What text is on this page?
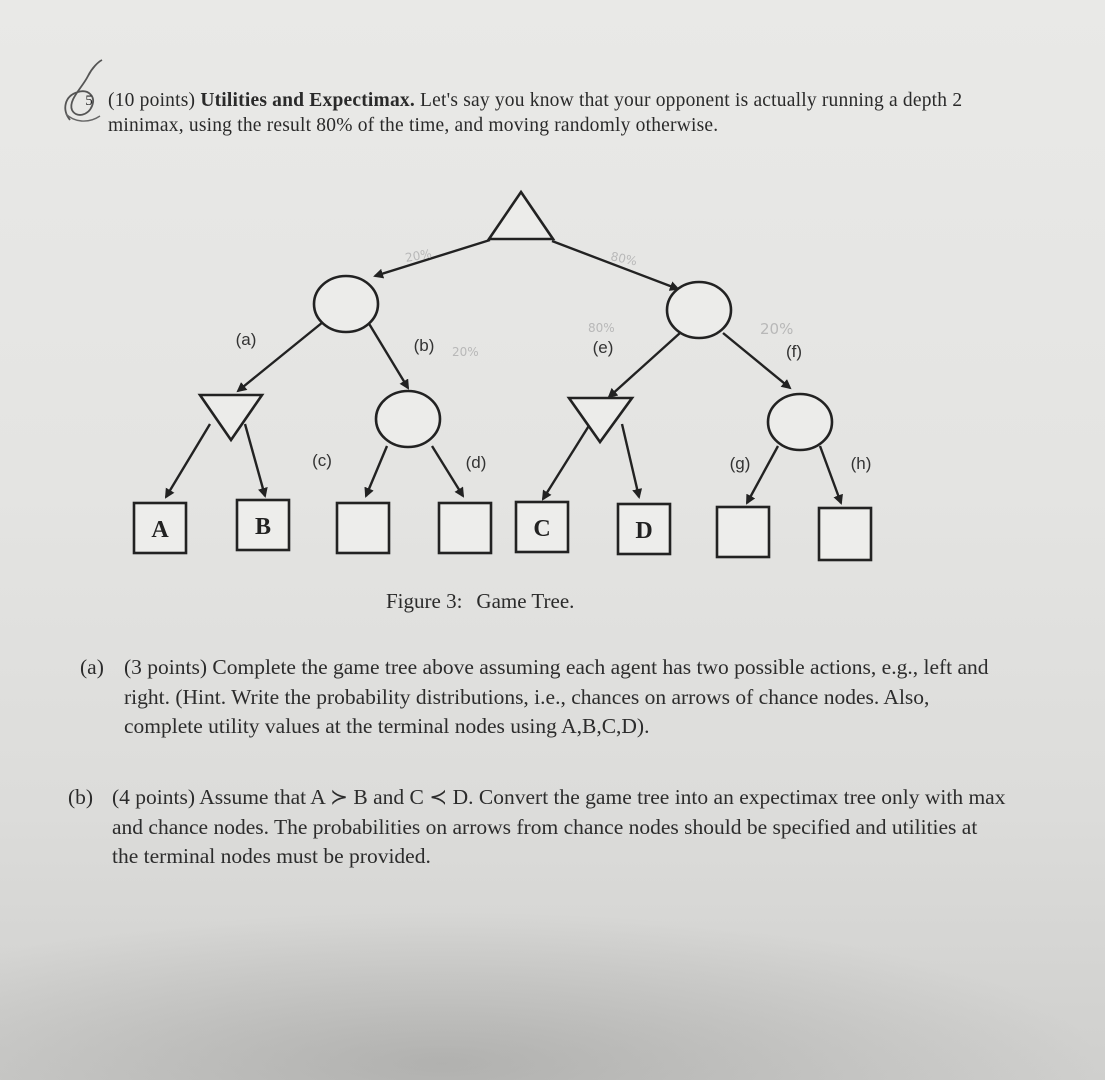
5 (10 points) Utilities and Expectimax. Let's say you know that your opponent is actually running a depth 2 minimax, using the result 80% of the time, and moving randomly otherwise.
A	B	C	D
(a)	(b)
(c)	(d)
(e)	(f)
(g)	(h)
20%	80%
20%
80%	20%
Figure 3: Game Tree.
(a) (3 points) Complete the game tree above assuming each agent has two possible actions, e.g., left and right. (Hint. Write the probability distributions, i.e., chances on arrows of chance nodes. Also, complete utility values at the terminal nodes using A,B,C,D).
(b) (4 points) Assume that A ≻ B and C ≺ D. Convert the game tree into an expectimax tree only with max and chance nodes. The probabilities on arrows from chance nodes should be specified and utilities at the terminal nodes must be provided.
